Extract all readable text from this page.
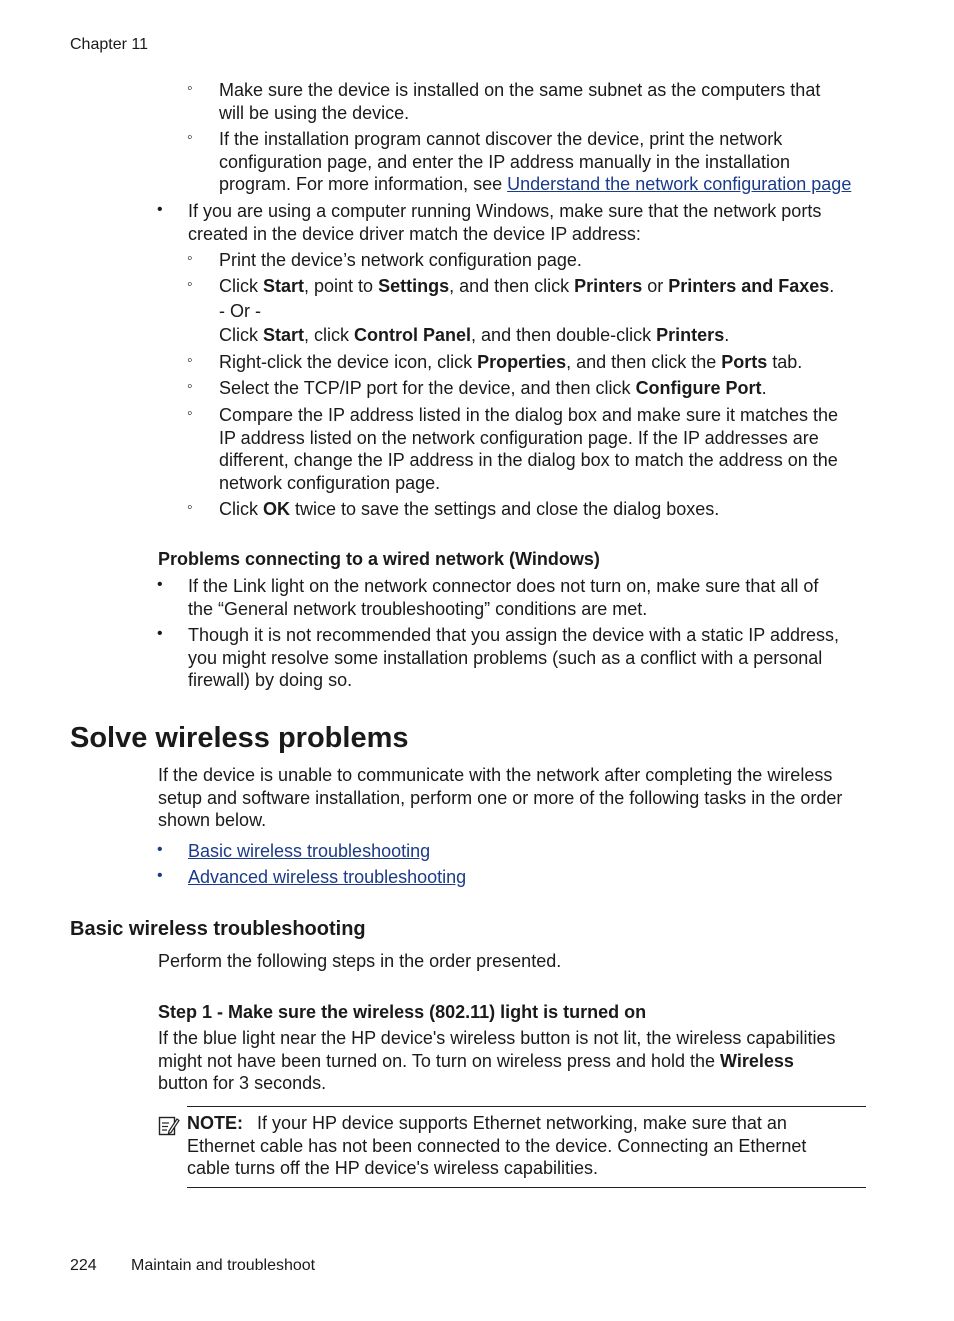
Chapter 11
◦ Make sure the device is installed on the same subnet as the computers that
will be using the device.
◦ If the installation program cannot discover the device, print the network
configuration page, and enter the IP address manually in the installation
program. For more information, see Understand the network configuration page
• If you are using a computer running Windows, make sure that the network ports
created in the device driver match the device IP address:
◦ Print the device’s network configuration page.
◦ Click Start, point to Settings, and then click Printers or Printers and Faxes.
- Or -
Click Start, click Control Panel, and then double-click Printers.
◦ Right-click the device icon, click Properties, and then click the Ports tab.
◦ Select the TCP/IP port for the device, and then click Configure Port.
◦ Compare the IP address listed in the dialog box and make sure it matches the
IP address listed on the network configuration page. If the IP addresses are
different, change the IP address in the dialog box to match the address on the
network configuration page.
◦ Click OK twice to save the settings and close the dialog boxes.
Problems connecting to a wired network (Windows)
• If the Link light on the network connector does not turn on, make sure that all of
the “General network troubleshooting” conditions are met.
• Though it is not recommended that you assign the device with a static IP address,
you might resolve some installation problems (such as a conflict with a personal
firewall) by doing so.
Solve wireless problems
If the device is unable to communicate with the network after completing the wireless
setup and software installation, perform one or more of the following tasks in the order
shown below.
• Basic wireless troubleshooting
• Advanced wireless troubleshooting
Basic wireless troubleshooting
Perform the following steps in the order presented.
Step 1 - Make sure the wireless (802.11) light is turned on
If the blue light near the HP device's wireless button is not lit, the wireless capabilities
might not have been turned on. To turn on wireless press and hold the Wireless
button for 3 seconds.
NOTE: If your HP device supports Ethernet networking, make sure that an
Ethernet cable has not been connected to the device. Connecting an Ethernet
cable turns off the HP device's wireless capabilities.
224 Maintain and troubleshoot
